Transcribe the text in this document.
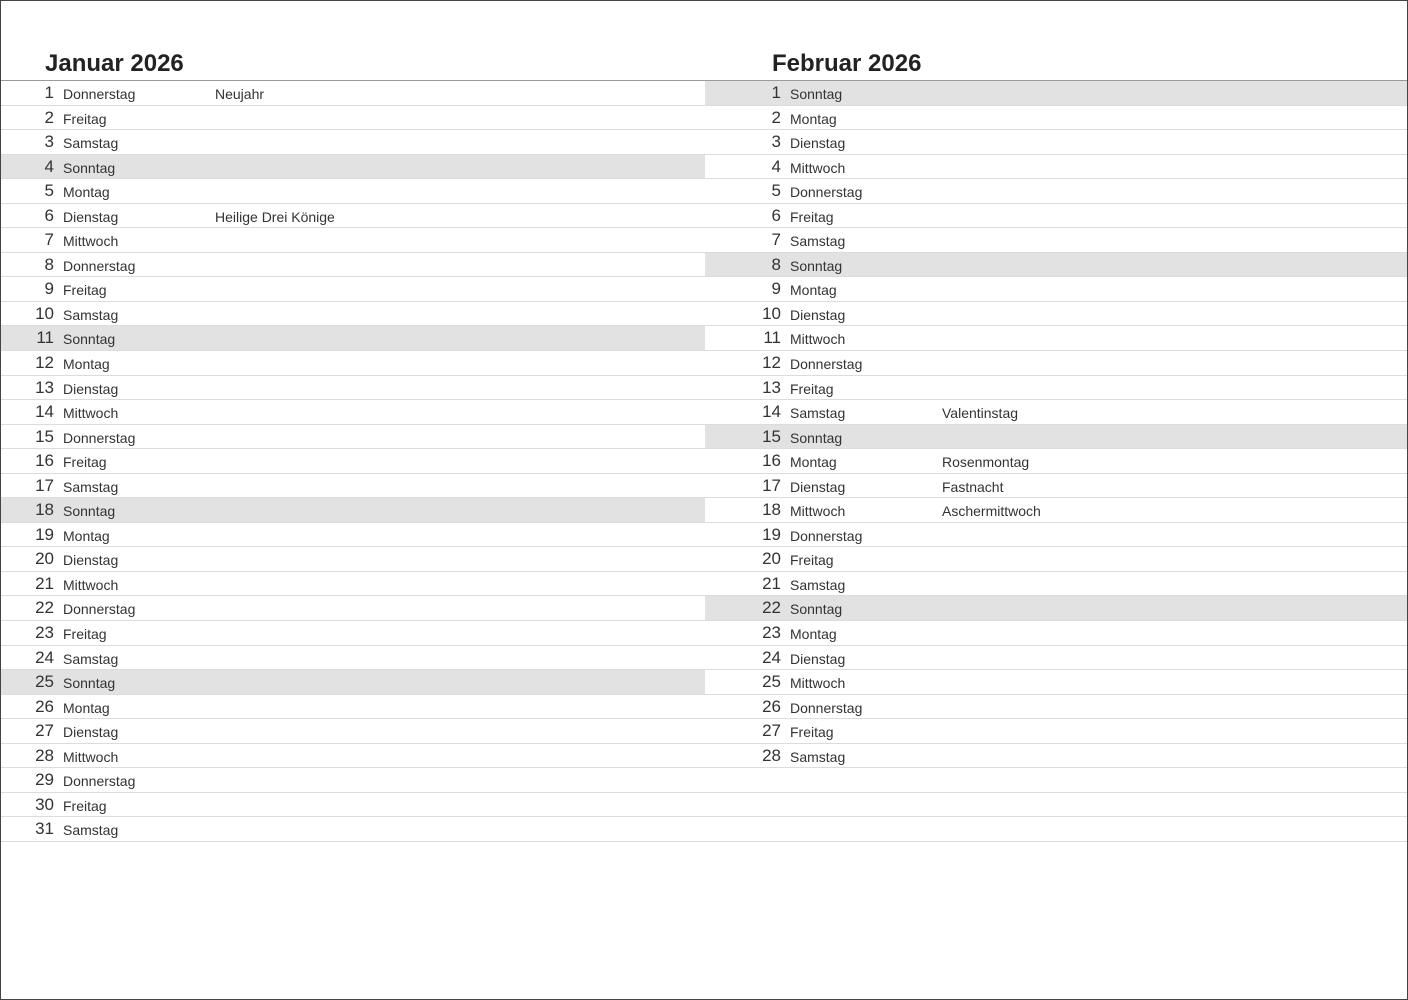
Januar 2026
1 Donnerstag	Neujahr
2 Freitag
3 Samstag
4 Sonntag
5 Montag
6 Dienstag	Heilige Drei Könige
7 Mittwoch
8 Donnerstag
9 Freitag
10 Samstag
11 Sonntag
12 Montag
13 Dienstag
14 Mittwoch
15 Donnerstag
16 Freitag
17 Samstag
18 Sonntag
19 Montag
20 Dienstag
21 Mittwoch
22 Donnerstag
23 Freitag
24 Samstag
25 Sonntag
26 Montag
27 Dienstag
28 Mittwoch
29 Donnerstag
30 Freitag
31 Samstag
Februar 2026
1 Sonntag
2 Montag
3 Dienstag
4 Mittwoch
5 Donnerstag
6 Freitag
7 Samstag
8 Sonntag
9 Montag
10 Dienstag
11 Mittwoch
12 Donnerstag
13 Freitag
14 Samstag	Valentinstag
15 Sonntag
16 Montag	Rosenmontag
17 Dienstag	Fastnacht
18 Mittwoch	Aschermittwoch
19 Donnerstag
20 Freitag
21 Samstag
22 Sonntag
23 Montag
24 Dienstag
25 Mittwoch
26 Donnerstag
27 Freitag
28 Samstag
